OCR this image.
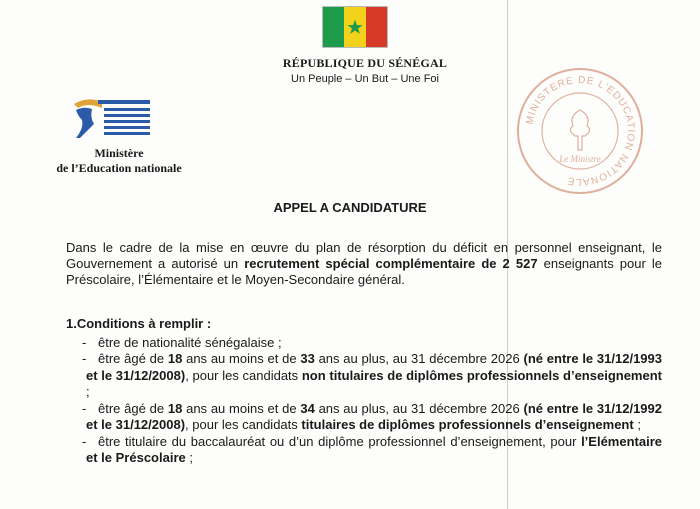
RÉPUBLIQUE DU SÉNÉGAL
Un Peuple – Un But – Une Foi
Ministère
de l’Education nationale
MINISTERE DE L'EDUCATION NATIONALE
Le Ministre
APPEL A CANDIDATURE

Dans le cadre de la mise en œuvre du plan de résorption du déficit en personnel enseignant, le Gouvernement a autorisé un recrutement spécial complémentaire de 2 527 enseignants pour le Préscolaire, l’Élémentaire et le Moyen-Secondaire général.

1.Conditions à remplir :

- être de nationalité sénégalaise ;

- être âgé de 18 ans au moins et de 33 ans au plus, au 31 décembre 2026 (né entre le 31/12/1993 et le 31/12/2008), pour les candidats non titulaires de diplômes professionnels d’enseignement ;

- être âgé de 18 ans au moins et de 34 ans au plus, au 31 décembre 2026 (né entre le 31/12/1992 et le 31/12/2008), pour les candidats titulaires de diplômes professionnels d’enseignement ;

- être titulaire du baccalauréat ou d’un diplôme professionnel d’enseignement, pour l’Elémentaire et le Préscolaire ;
